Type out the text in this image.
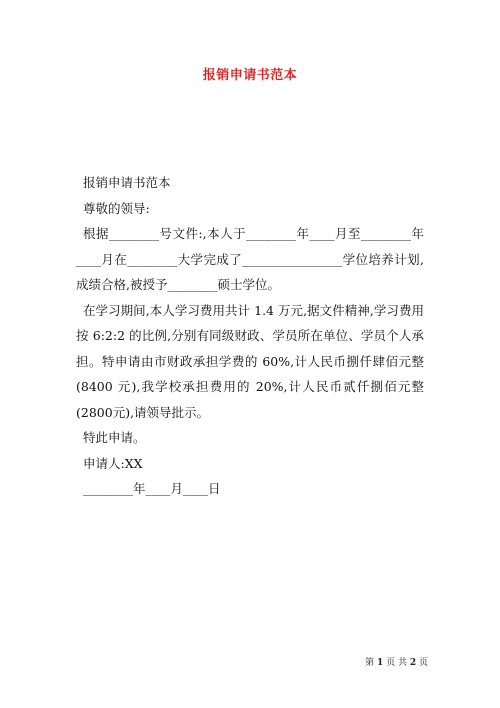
报销申请书范本

报销申请书范本

尊敬的领导:

根据________号文件:,本人于________年____月至________年____月在________大学完成了________________学位培养计划,成绩合格,被授予________硕士学位。

在学习期间,本人学习费用共计 1.4 万元,据文件精神,学习费用按 6:2:2 的比例,分别有同级财政、学员所在单位、学员个人承担。特申请由市财政承担学费的 60%,计人民币捌仟肆佰元整(8400 元),我学校承担费用的 20%,计人民币贰仟捌佰元整(2800元),请领导批示。

特此申请。

申请人:XX

________年____月____日

第 1 页 共 2 页
